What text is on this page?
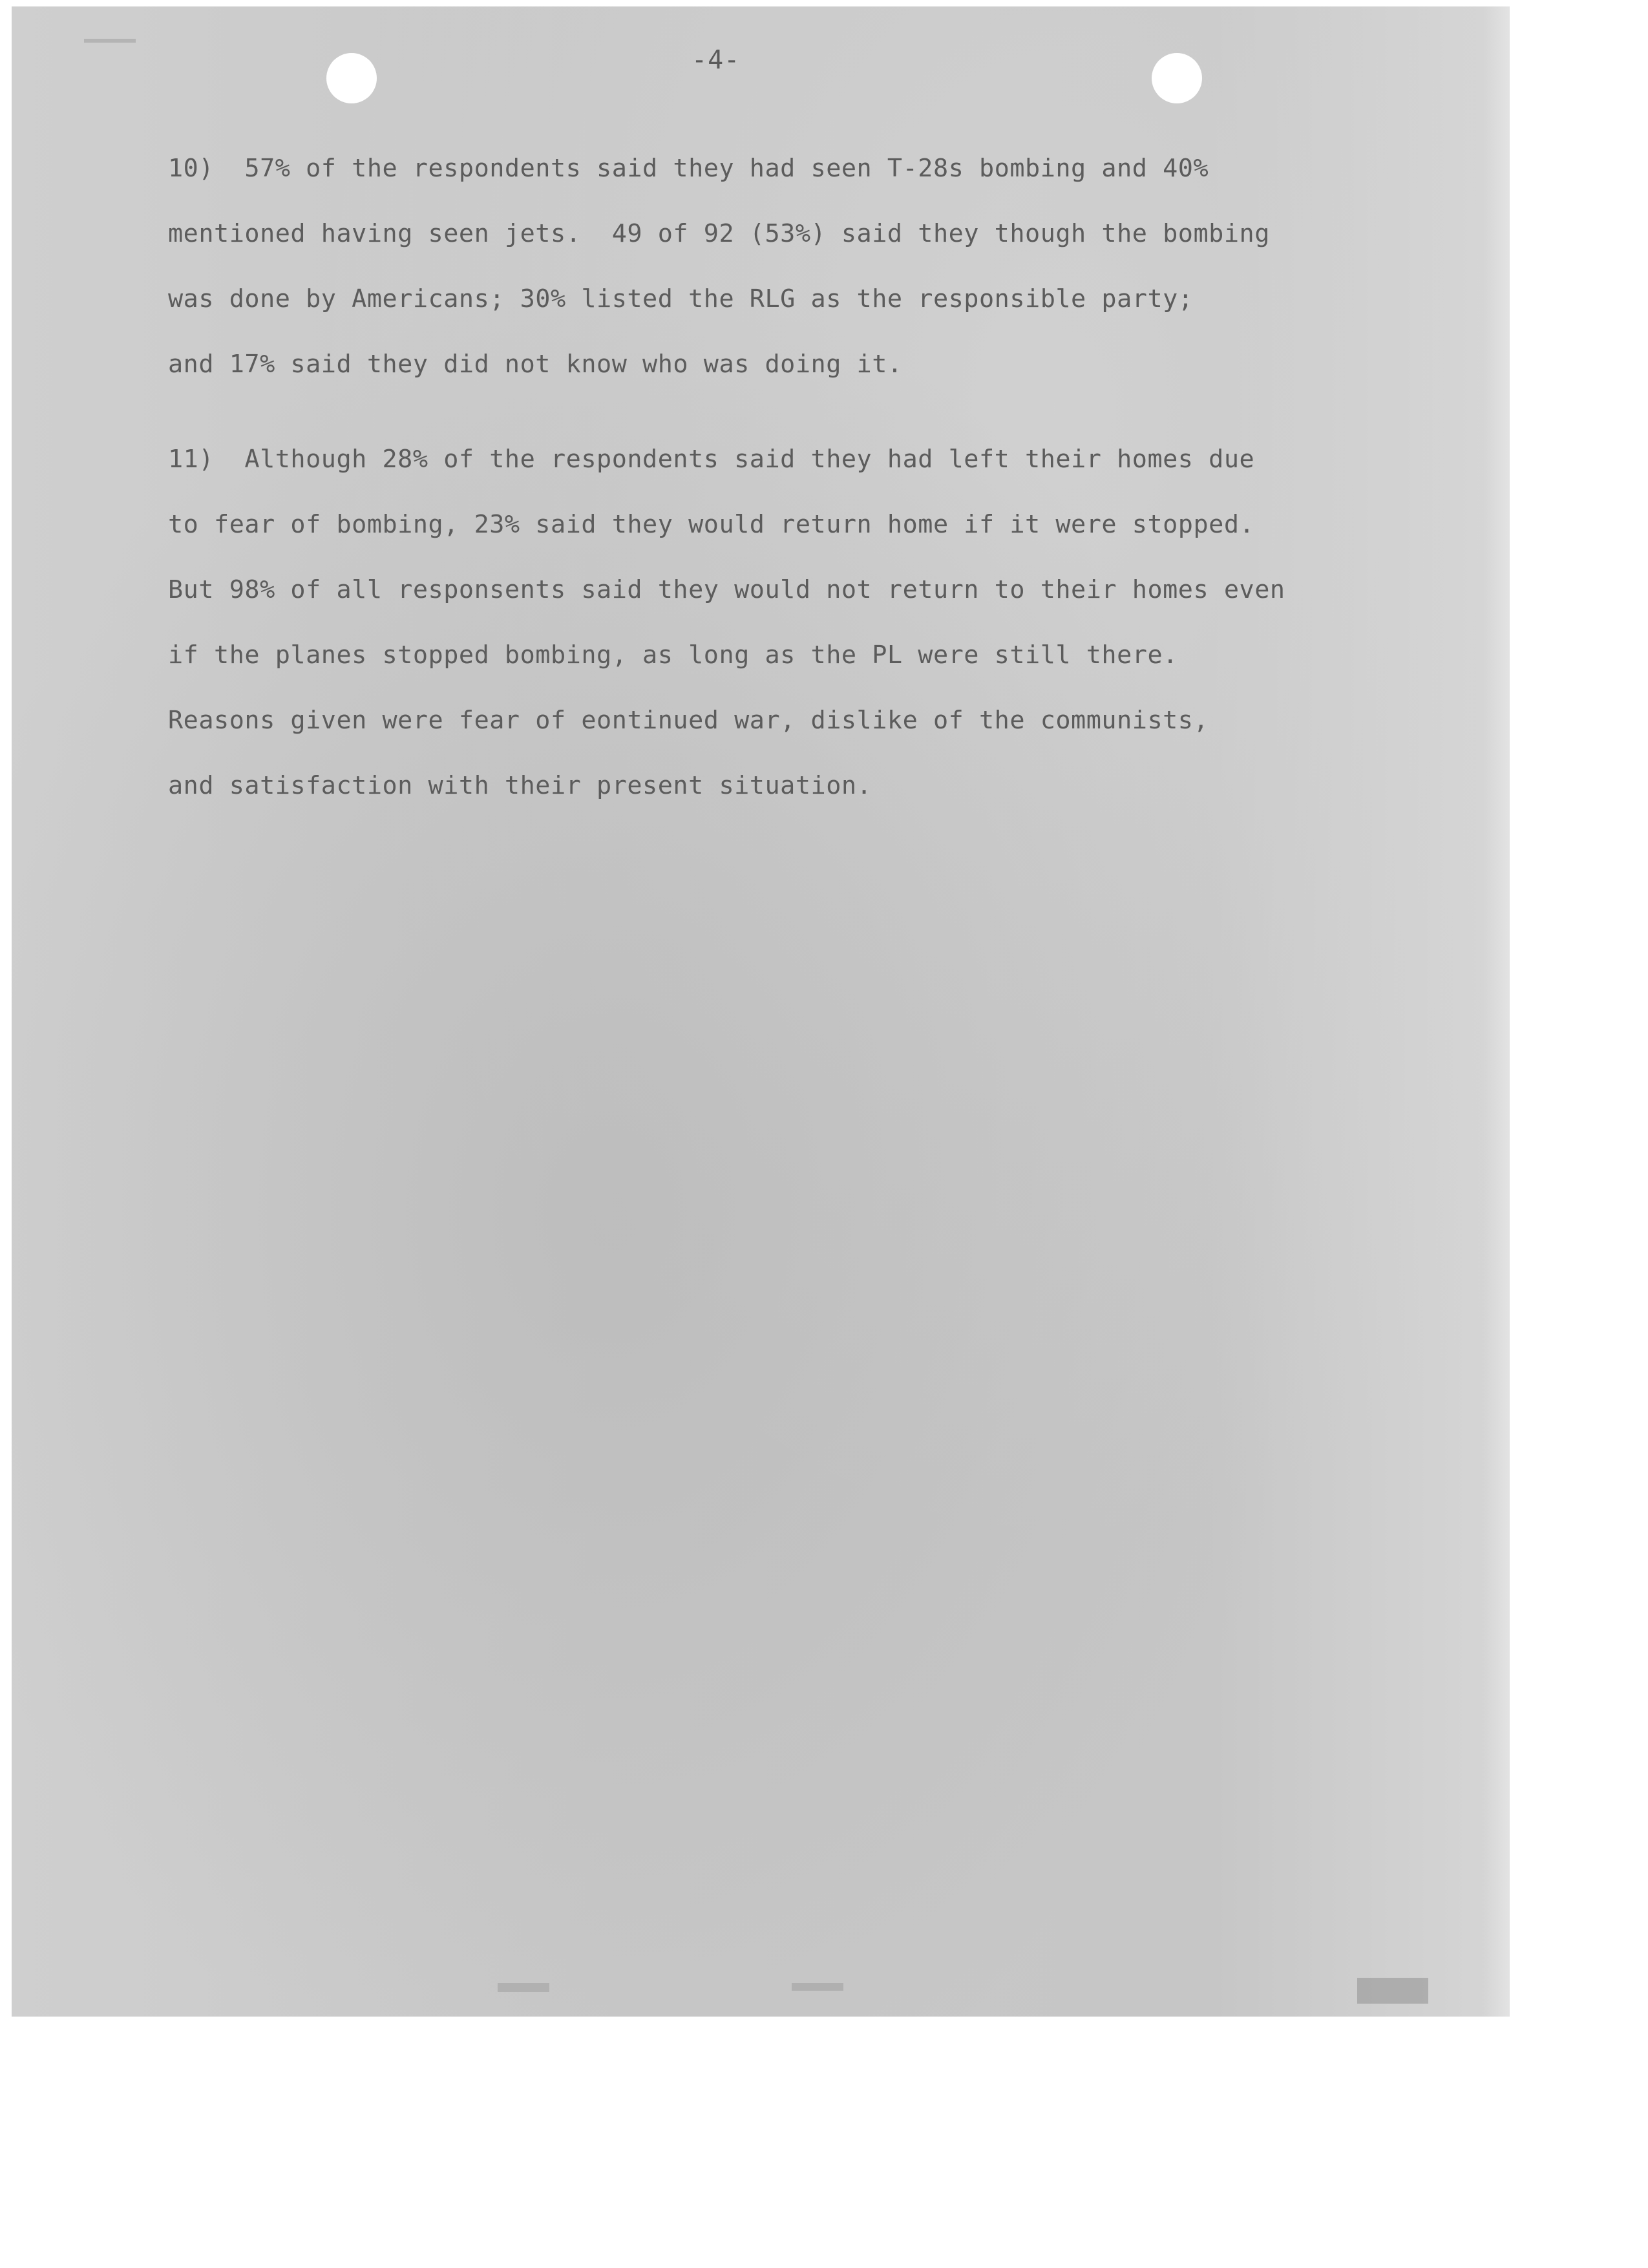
-4-
10)  57% of the respondents said they had seen T-28s bombing and 40%
mentioned having seen jets.  49 of 92 (53%) said they though the bombing
was done by Americans; 30% listed the RLG as the responsible party;
and 17% said they did not know who was doing it.
11)  Although 28% of the respondents said they had left their homes due
to fear of bombing, 23% said they would return home if it were stopped.
But 98% of all responsents said they would not return to their homes even
if the planes stopped bombing, as long as the PL were still there.
Reasons given were fear of eontinued war, dislike of the communists,
and satisfaction with their present situation.
